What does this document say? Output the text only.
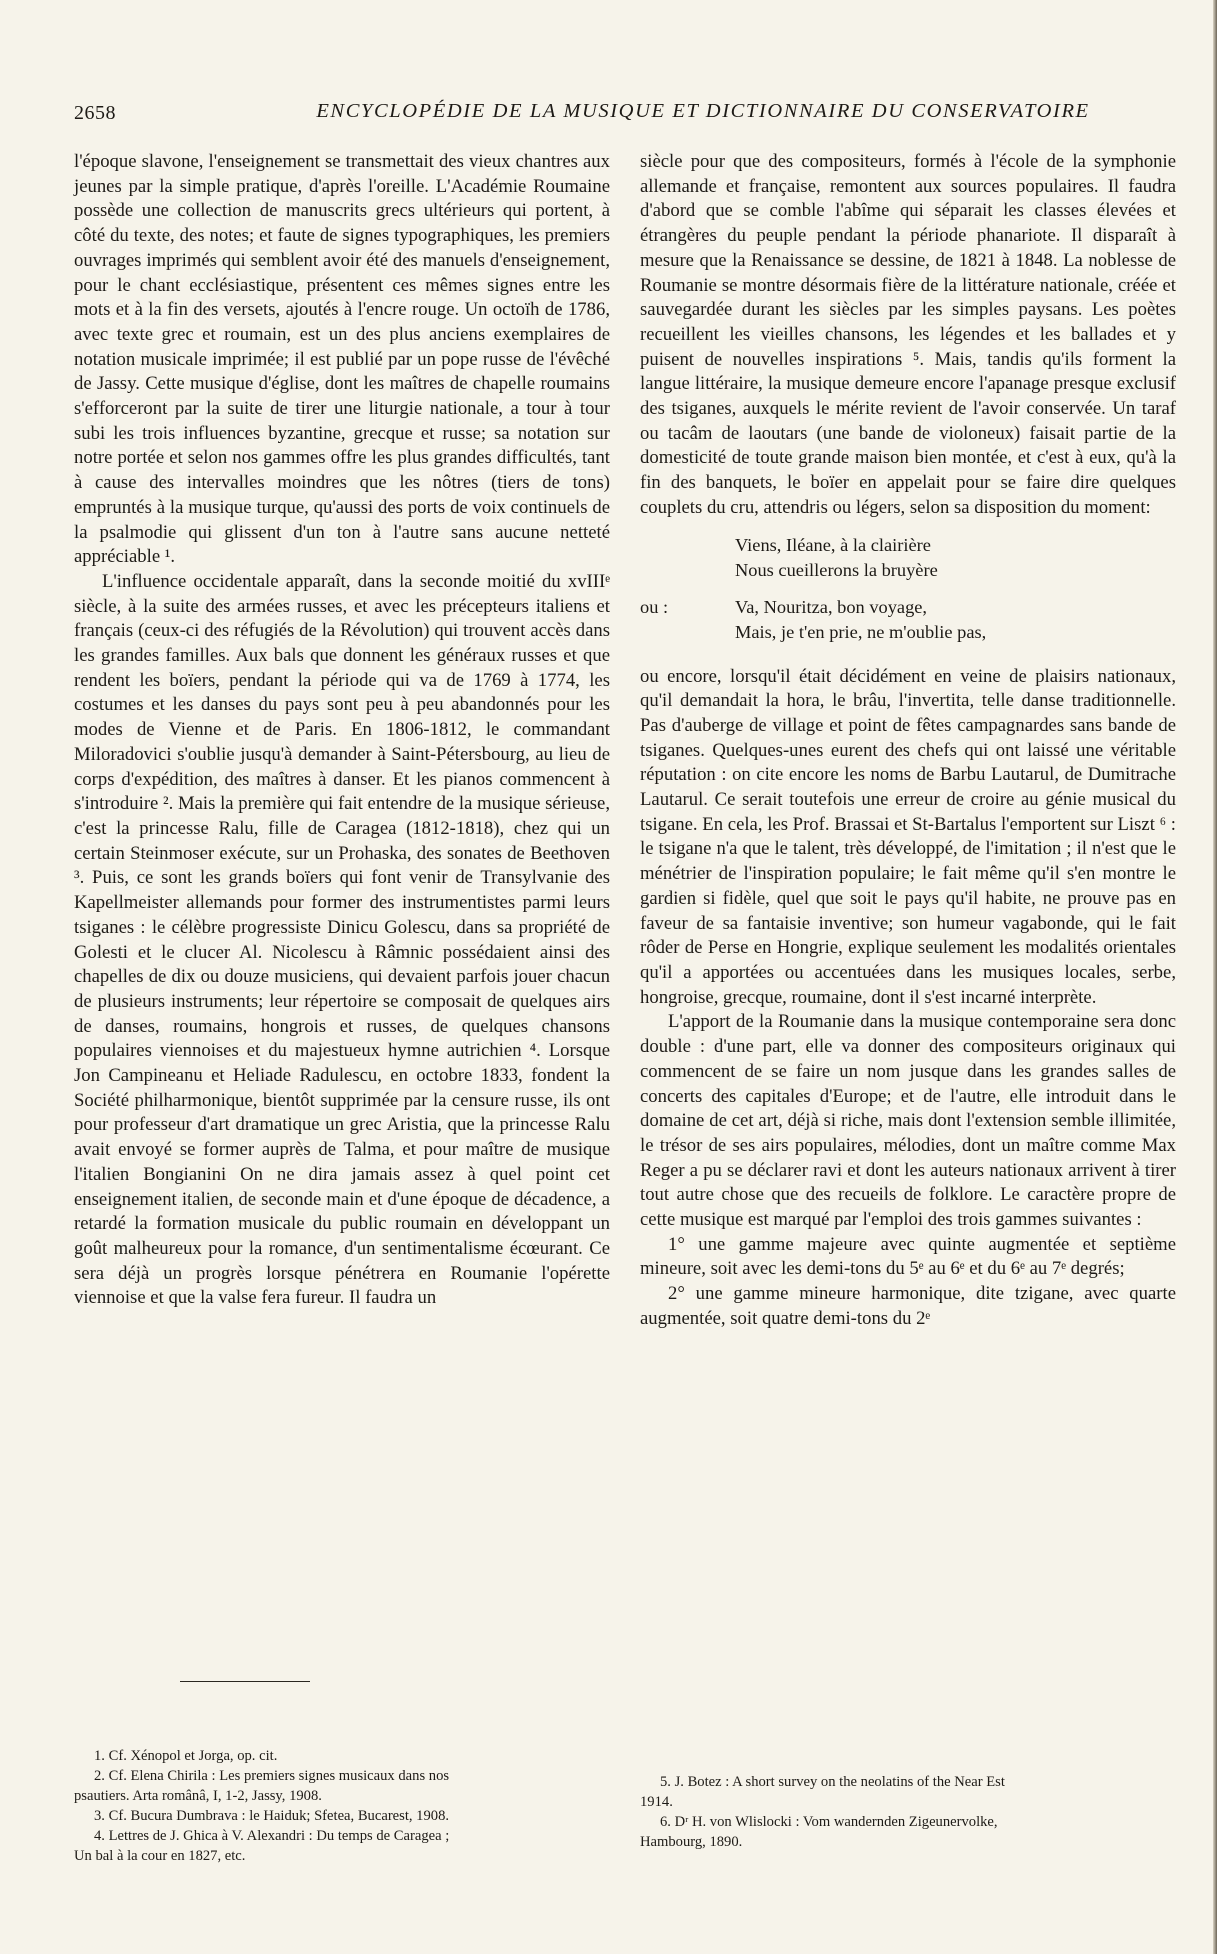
2658	ENCYCLOPÉDIE DE LA MUSIQUE ET DICTIONNAIRE DU CONSERVATOIRE

l'époque slavone, l'enseignement se transmettait des vieux chantres aux jeunes par la simple pratique, d'après l'oreille. L'Académie Roumaine possède une collection de manuscrits grecs ultérieurs qui portent, à côté du texte, des notes; et faute de signes typographiques, les premiers ouvrages imprimés qui semblent avoir été des manuels d'enseignement, pour le chant ecclésiastique, présentent ces mêmes signes entre les mots et à la fin des versets, ajoutés à l'encre rouge. Un octoïh de 1786, avec texte grec et roumain, est un des plus anciens exemplaires de notation musicale imprimée; il est publié par un pope russe de l'évêché de Jassy. Cette musique d'église, dont les maîtres de chapelle roumains s'efforceront par la suite de tirer une liturgie nationale, a tour à tour subi les trois influences byzantine, grecque et russe; sa notation sur notre portée et selon nos gammes offre les plus grandes difficultés, tant à cause des intervalles moindres que les nôtres (tiers de tons) empruntés à la musique turque, qu'aussi des ports de voix continuels de la psalmodie qui glissent d'un ton à l'autre sans aucune netteté appréciable ¹.

L'influence occidentale apparaît, dans la seconde moitié du xvIIIᵉ siècle, à la suite des armées russes, et avec les précepteurs italiens et français (ceux-ci des réfugiés de la Révolution) qui trouvent accès dans les grandes familles. Aux bals que donnent les généraux russes et que rendent les boïers, pendant la période qui va de 1769 à 1774, les costumes et les danses du pays sont peu à peu abandonnés pour les modes de Vienne et de Paris. En 1806-1812, le commandant Miloradovici s'oublie jusqu'à demander à Saint-Pétersbourg, au lieu de corps d'expédition, des maîtres à danser. Et les pianos commencent à s'introduire ². Mais la première qui fait entendre de la musique sérieuse, c'est la princesse Ralu, fille de Caragea (1812-1818), chez qui un certain Steinmoser exécute, sur un Prohaska, des sonates de Beethoven ³. Puis, ce sont les grands boïers qui font venir de Transylvanie des Kapellmeister allemands pour former des instrumentistes parmi leurs tsiganes : le célèbre progressiste Dinicu Golescu, dans sa propriété de Golesti et le clucer Al. Nicolescu à Râmnic possédaient ainsi des chapelles de dix ou douze musiciens, qui devaient parfois jouer chacun de plusieurs instruments; leur répertoire se composait de quelques airs de danses, roumains, hongrois et russes, de quelques chansons populaires viennoises et du majestueux hymne autrichien ⁴. Lorsque Jon Campineanu et Heliade Radulescu, en octobre 1833, fondent la Société philharmonique, bientôt supprimée par la censure russe, ils ont pour professeur d'art dramatique un grec Aristia, que la princesse Ralu avait envoyé se former auprès de Talma, et pour maître de musique l'italien Bongianini On ne dira jamais assez à quel point cet enseignement italien, de seconde main et d'une époque de décadence, a retardé la formation musicale du public roumain en développant un goût malheureux pour la romance, d'un sentimentalisme écœurant. Ce sera déjà un progrès lorsque pénétrera en Roumanie l'opérette viennoise et que la valse fera fureur. Il faudra un

siècle pour que des compositeurs, formés à l'école de la symphonie allemande et française, remontent aux sources populaires. Il faudra d'abord que se comble l'abîme qui séparait les classes élevées et étrangères du peuple pendant la période phanariote. Il disparaît à mesure que la Renaissance se dessine, de 1821 à 1848. La noblesse de Roumanie se montre désormais fière de la littérature nationale, créée et sauvegardée durant les siècles par les simples paysans. Les poètes recueillent les vieilles chansons, les légendes et les ballades et y puisent de nouvelles inspirations ⁵. Mais, tandis qu'ils forment la langue littéraire, la musique demeure encore l'apanage presque exclusif des tsiganes, auxquels le mérite revient de l'avoir conservée. Un taraf ou tacâm de laoutars (une bande de violoneux) faisait partie de la domesticité de toute grande maison bien montée, et c'est à eux, qu'à la fin des banquets, le boïer en appelait pour se faire dire quelques couplets du cru, attendris ou légers, selon sa disposition du moment:

Viens, Iléane, à la clairière
Nous cueillerons la bruyère
ou :	Va, Nouritza, bon voyage,
Mais, je t'en prie, ne m'oublie pas,

ou encore, lorsqu'il était décidément en veine de plaisirs nationaux, qu'il demandait la hora, le brâu, l'invertita, telle danse traditionnelle. Pas d'auberge de village et point de fêtes campagnardes sans bande de tsiganes. Quelques-unes eurent des chefs qui ont laissé une véritable réputation : on cite encore les noms de Barbu Lautarul, de Dumitrache Lautarul. Ce serait toutefois une erreur de croire au génie musical du tsigane. En cela, les Prof. Brassai et St-Bartalus l'emportent sur Liszt ⁶ : le tsigane n'a que le talent, très développé, de l'imitation ; il n'est que le ménétrier de l'inspiration populaire; le fait même qu'il s'en montre le gardien si fidèle, quel que soit le pays qu'il habite, ne prouve pas en faveur de sa fantaisie inventive; son humeur vagabonde, qui le fait rôder de Perse en Hongrie, explique seulement les modalités orientales qu'il a apportées ou accentuées dans les musiques locales, serbe, hongroise, grecque, roumaine, dont il s'est incarné interprète.

L'apport de la Roumanie dans la musique contemporaine sera donc double : d'une part, elle va donner des compositeurs originaux qui commencent de se faire un nom jusque dans les grandes salles de concerts des capitales d'Europe; et de l'autre, elle introduit dans le domaine de cet art, déjà si riche, mais dont l'extension semble illimitée, le trésor de ses airs populaires, mélodies, dont un maître comme Max Reger a pu se déclarer ravi et dont les auteurs nationaux arrivent à tirer tout autre chose que des recueils de folklore. Le caractère propre de cette musique est marqué par l'emploi des trois gammes suivantes :

1° une gamme majeure avec quinte augmentée et septième mineure, soit avec les demi-tons du 5ᵉ au 6ᵉ et du 6ᵉ au 7ᵉ degrés;

2° une gamme mineure harmonique, dite tzigane, avec quarte augmentée, soit quatre demi-tons du 2ᵉ

1. Cf. Xénopol et Jorga, op. cit.
2. Cf. Elena Chirila : Les premiers signes musicaux dans nos
psautiers. Arta românâ, I, 1-2, Jassy, 1908.
3. Cf. Bucura Dumbrava : le Haiduk; Sfetea, Bucarest, 1908.
4. Lettres de J. Ghica à V. Alexandri : Du temps de Caragea ;
Un bal à la cour en 1827, etc.
5. J. Botez : A short survey on the neolatins of the Near Est
1914.
6. Dʳ H. von Wlislocki : Vom wandernden Zigeunervolke,
Hambourg, 1890.
